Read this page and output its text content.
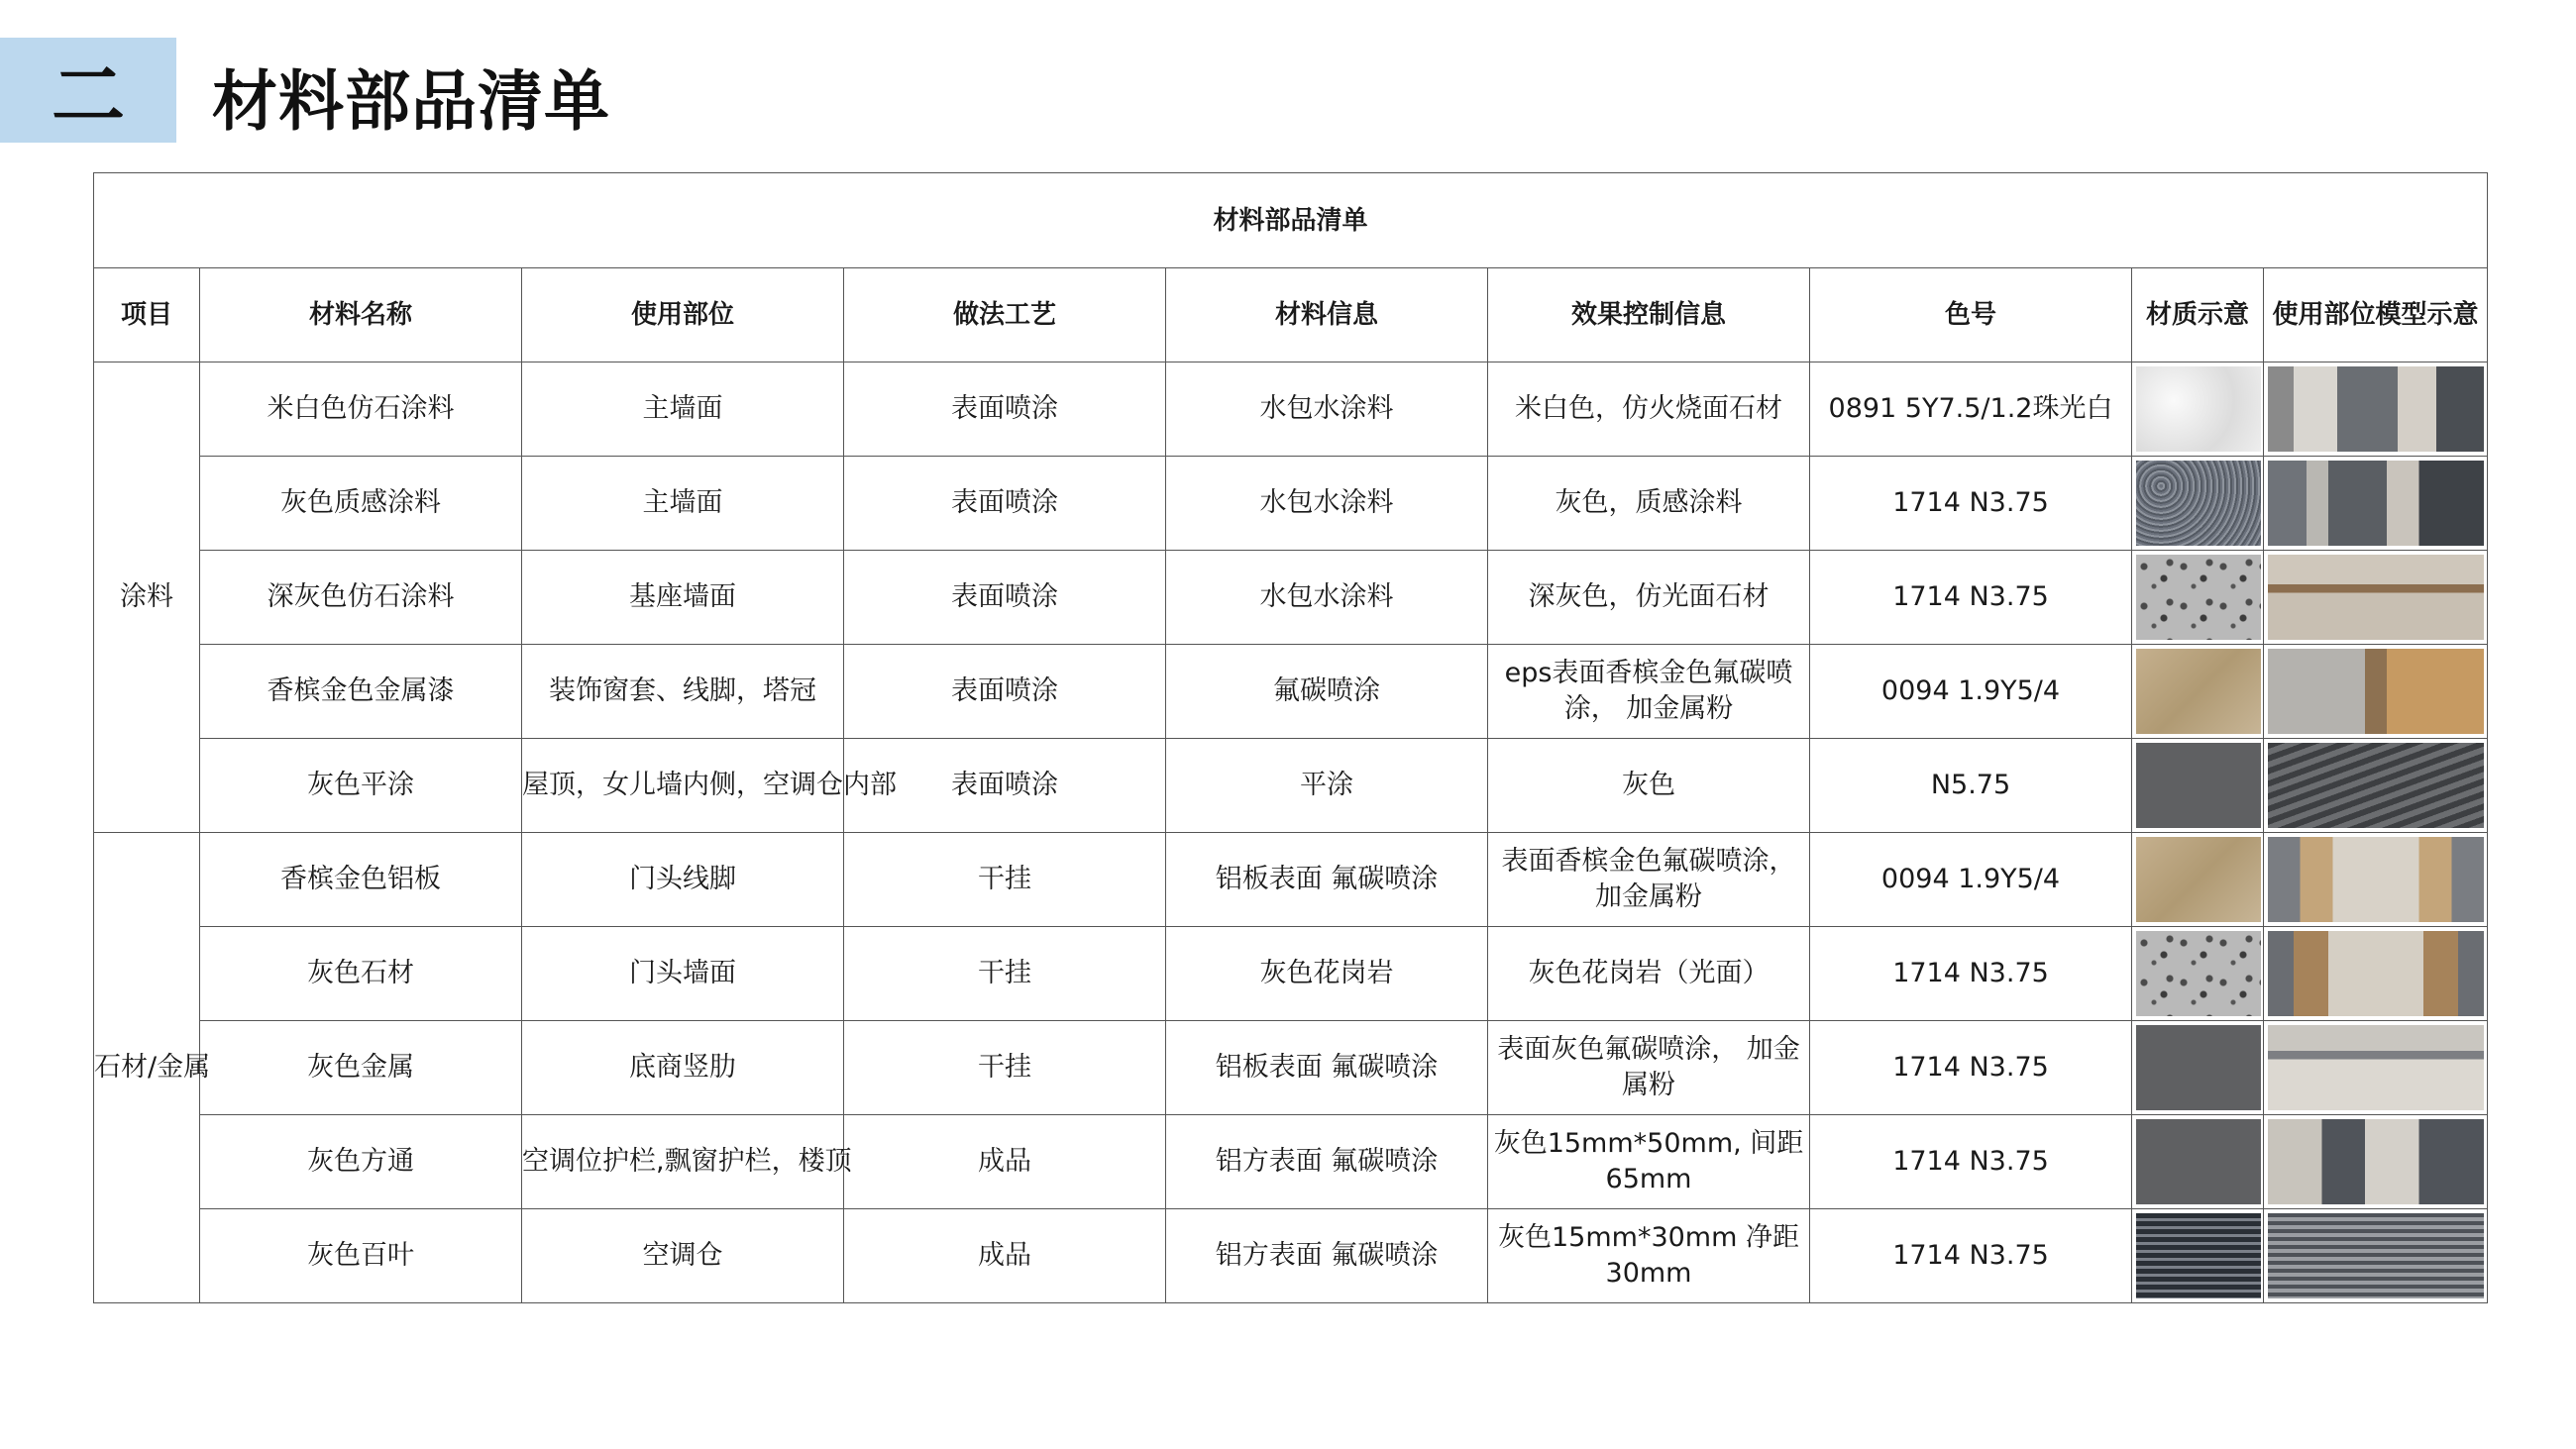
二	材料部品清单
材料部品清单								
项目	材料名称	使用部位	做法工艺	材料信息	效果控制信息	色号	材质示意	使用部位模型示意
涂料	米白色仿石涂料	主墙面	表面喷涂	水包水涂料	米白色，仿火烧面石材	0891 5Y7.5/1.2珠光白	

	灰色质感涂料	主墙面	表面喷涂	水包水涂料	灰色，质感涂料	1714 N3.75	

	深灰色仿石涂料	基座墙面	表面喷涂	水包水涂料	深灰色，仿光面石材	1714 N3.75	

	香槟金色金属漆	装饰窗套、线脚，塔冠	表面喷涂	氟碳喷涂	eps表面香槟金色氟碳喷涂， 加金属粉	0094 1.9Y5/4	

	灰色平涂	屋顶，女儿墙内侧，空调仓内部	表面喷涂	平涂	灰色	N5.75	

石材/金属	香槟金色铝板	门头线脚	干挂	铝板表面 氟碳喷涂	表面香槟金色氟碳喷涂， 加金属粉	0094 1.9Y5/4	

	灰色石材	门头墙面	干挂	灰色花岗岩	灰色花岗岩（光面）	1714 N3.75	

	灰色金属	底商竖肋	干挂	铝板表面 氟碳喷涂	表面灰色氟碳喷涂， 加金属粉	1714 N3.75	

	灰色方通	空调位护栏,飘窗护栏，楼顶	成品	铝方表面 氟碳喷涂	灰色15mm*50mm, 间距65mm	1714 N3.75	

	灰色百叶	空调仓	成品	铝方表面 氟碳喷涂	灰色15mm*30mm 净距30mm	1714 N3.75	
